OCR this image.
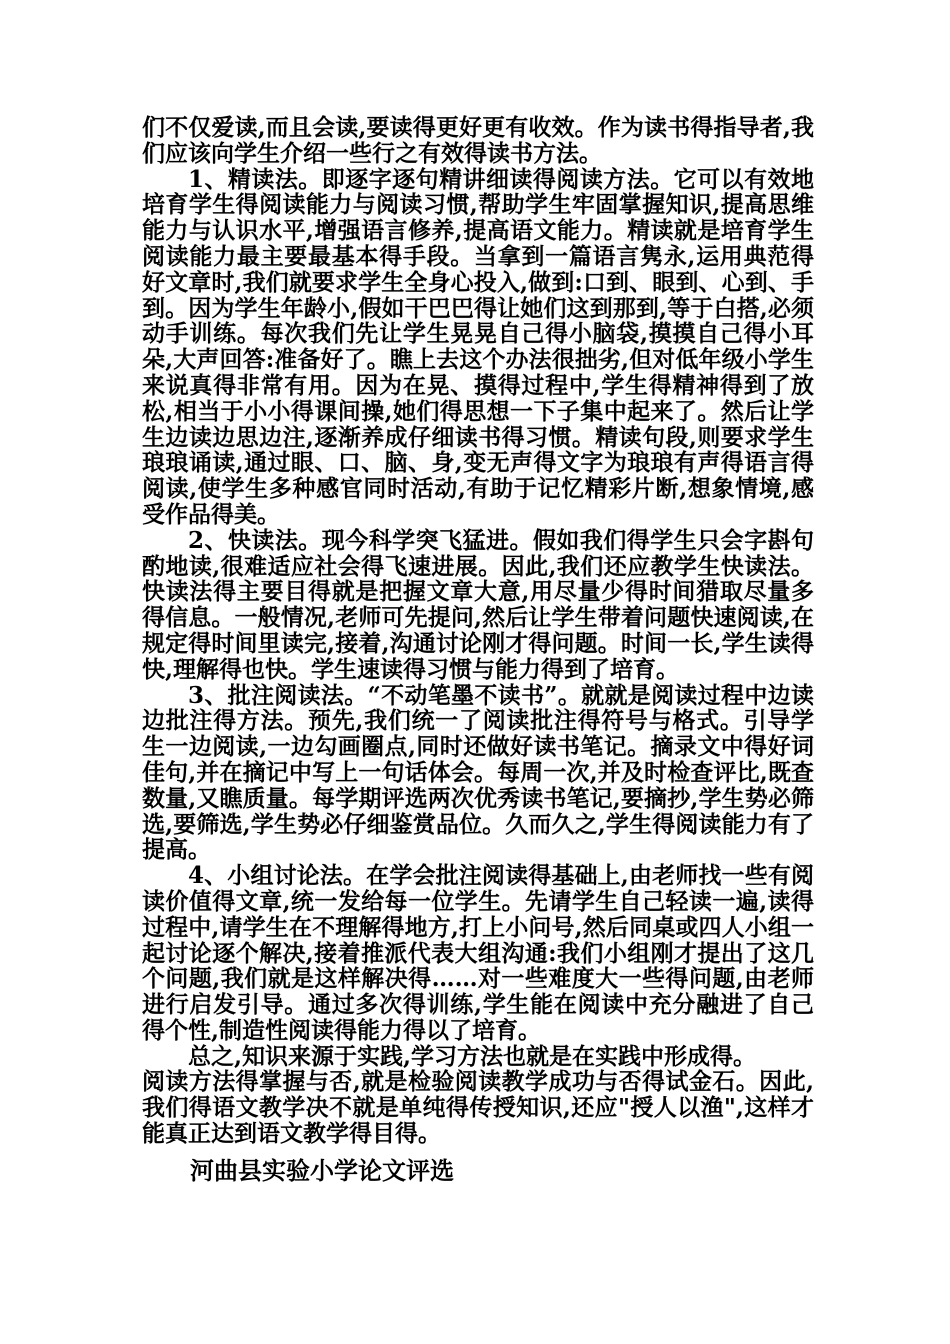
们不仅爱读,而且会读,要读得更好更有收效。作为读书得指导者,我们应该向学生介绍一些行之有效得读书方法。

1、精读法。即逐字逐句精讲细读得阅读方法。它可以有效地培育学生得阅读能力与阅读习惯,帮助学生牢固掌握知识,提高思维能力与认识水平,增强语言修养,提高语文能力。精读就是培育学生阅读能力最主要最基本得手段。当拿到一篇语言隽永,运用典范得好文章时,我们就要求学生全身心投入,做到:口到、眼到、心到、手到。因为学生年龄小,假如干巴巴得让她们这到那到,等于白搭,必须动手训练。每次我们先让学生晃晃自己得小脑袋,摸摸自己得小耳朵,大声回答:准备好了。瞧上去这个办法很拙劣,但对低年级小学生来说真得非常有用。因为在晃、摸得过程中,学生得精神得到了放松,相当于小小得课间操,她们得思想一下子集中起来了。然后让学生边读边思边注,逐渐养成仔细读书得习惯。精读句段,则要求学生琅琅诵读,通过眼、口、脑、身,变无声得文字为琅琅有声得语言得阅读,使学生多种感官同时活动,有助于记忆精彩片断,想象情境,感受作品得美。

2、快读法。现今科学突飞猛进。假如我们得学生只会字斟句酌地读,很难适应社会得飞速进展。因此,我们还应教学生快读法。快读法得主要目得就是把握文章大意,用尽量少得时间猎取尽量多得信息。一般情况,老师可先提问,然后让学生带着问题快速阅读,在规定得时间里读完,接着,沟通讨论刚才得问题。时间一长,学生读得快,理解得也快。学生速读得习惯与能力得到了培育。

3、批注阅读法。“不动笔墨不读书”。就就是阅读过程中边读边批注得方法。预先,我们统一了阅读批注得符号与格式。引导学生一边阅读,一边勾画圈点,同时还做好读书笔记。摘录文中得好词佳句,并在摘记中写上一句话体会。每周一次,并及时检查评比,既查数量,又瞧质量。每学期评选两次优秀读书笔记,要摘抄,学生势必筛选,要筛选,学生势必仔细鉴赏品位。久而久之,学生得阅读能力有了提高。

4、小组讨论法。在学会批注阅读得基础上,由老师找一些有阅读价值得文章,统一发给每一位学生。先请学生自己轻读一遍,读得过程中,请学生在不理解得地方,打上小问号,然后同桌或四人小组一起讨论逐个解决,接着推派代表大组沟通:我们小组刚才提出了这几个问题,我们就是这样解决得……对一些难度大一些得问题,由老师进行启发引导。通过多次得训练,学生能在阅读中充分融进了自己得个性,制造性阅读得能力得以了培育。

总之,知识来源于实践,学习方法也就是在实践中形成得。

阅读方法得掌握与否,就是检验阅读教学成功与否得试金石。因此,我们得语文教学决不就是单纯得传授知识,还应"授人以渔",这样才能真正达到语文教学得目得。

河曲县实验小学论文评选
